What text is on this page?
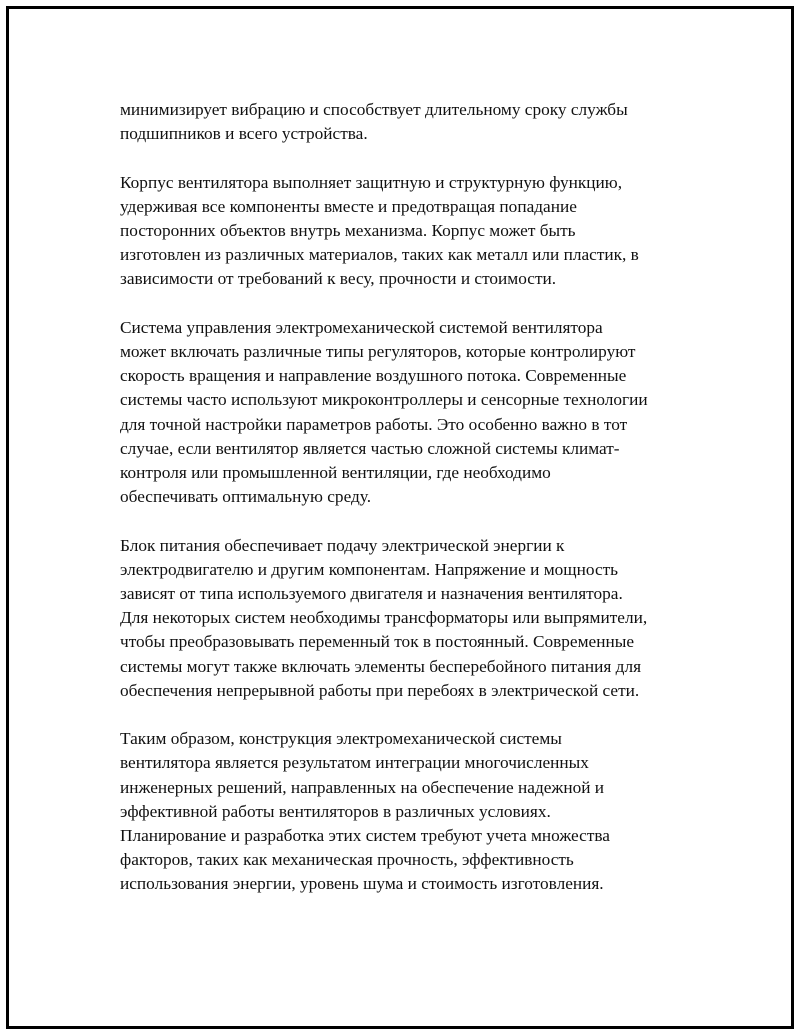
минимизирует вибрацию и способствует длительному сроку службы
подшипников и всего устройства.

Корпус вентилятора выполняет защитную и структурную функцию,
удерживая все компоненты вместе и предотвращая попадание
посторонних объектов внутрь механизма. Корпус может быть
изготовлен из различных материалов, таких как металл или пластик, в
зависимости от требований к весу, прочности и стоимости.

Система управления электромеханической системой вентилятора
может включать различные типы регуляторов, которые контролируют
скорость вращения и направление воздушного потока. Современные
системы часто используют микроконтроллеры и сенсорные технологии
для точной настройки параметров работы. Это особенно важно в тот
случае, если вентилятор является частью сложной системы климат-
контроля или промышленной вентиляции, где необходимо
обеспечивать оптимальную среду.

Блок питания обеспечивает подачу электрической энергии к
электродвигателю и другим компонентам. Напряжение и мощность
зависят от типа используемого двигателя и назначения вентилятора.
Для некоторых систем необходимы трансформаторы или выпрямители,
чтобы преобразовывать переменный ток в постоянный. Современные
системы могут также включать элементы бесперебойного питания для
обеспечения непрерывной работы при перебоях в электрической сети.

Таким образом, конструкция электромеханической системы
вентилятора является результатом интеграции многочисленных
инженерных решений, направленных на обеспечение надежной и
эффективной работы вентиляторов в различных условиях.
Планирование и разработка этих систем требуют учета множества
факторов, таких как механическая прочность, эффективность
использования энергии, уровень шума и стоимость изготовления.
